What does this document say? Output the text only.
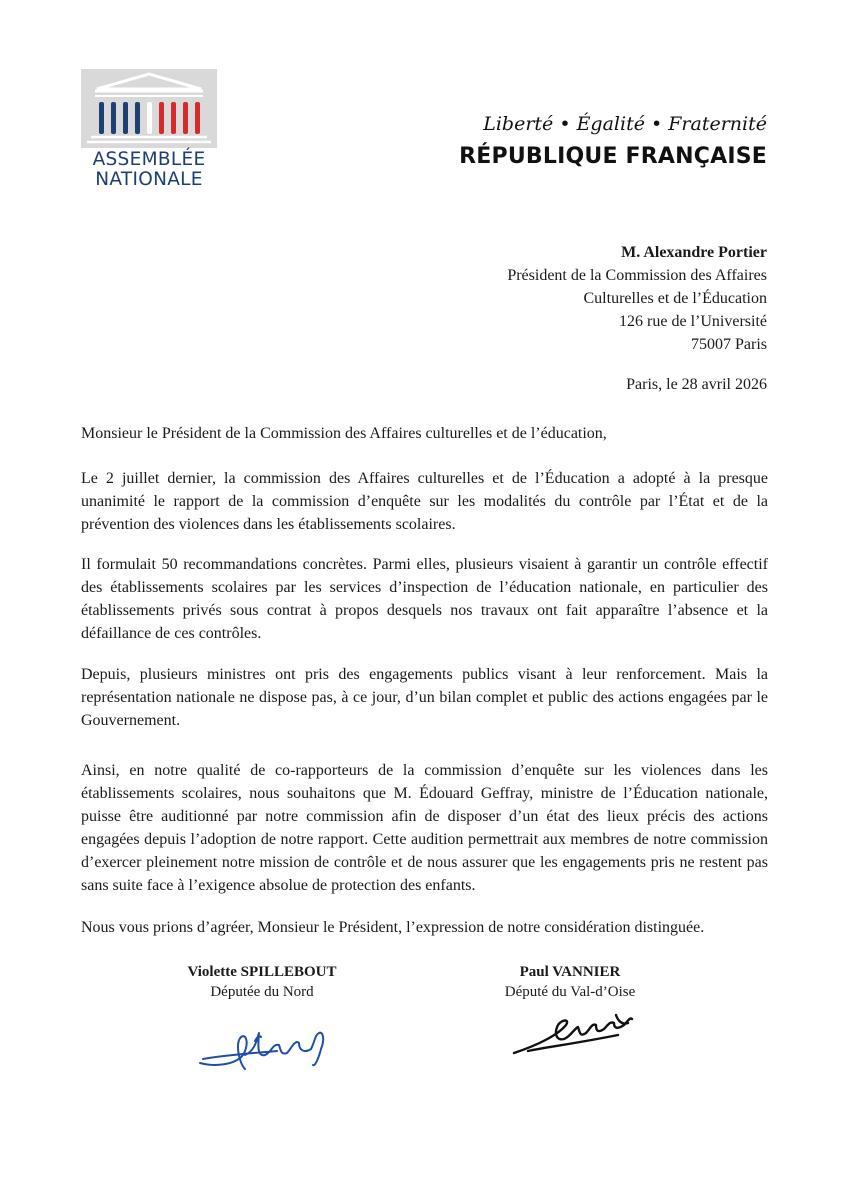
ASSEMBLÉE
NATIONALE
Liberté • Égalité • Fraternité
RÉPUBLIQUE FRANÇAISE
M. Alexandre Portier
Président de la Commission des Affaires
Culturelles et de l’Éducation
126 rue de l’Université
75007 Paris
Paris, le 28 avril 2026

Monsieur le Président de la Commission des Affaires culturelles et de l’éducation,

Le 2 juillet dernier, la commission des Affaires culturelles et de l’Éducation a adopté à la presque unanimité le rapport de la commission d’enquête sur les modalités du contrôle par l’État et de la prévention des violences dans les établissements scolaires.

Il formulait 50 recommandations concrètes. Parmi elles, plusieurs visaient à garantir un contrôle effectif des établissements scolaires par les services d’inspection de l’éducation nationale, en particulier des établissements privés sous contrat à propos desquels nos travaux ont fait apparaître l’absence et la défaillance de ces contrôles.

Depuis, plusieurs ministres ont pris des engagements publics visant à leur renforcement. Mais la représentation nationale ne dispose pas, à ce jour, d’un bilan complet et public des actions engagées par le Gouvernement.

Ainsi, en notre qualité de co-rapporteurs de la commission d’enquête sur les violences dans les établissements scolaires, nous souhaitons que M. Édouard Geffray, ministre de l’Éducation nationale, puisse être auditionné par notre commission afin de disposer d’un état des lieux précis des actions engagées depuis l’adoption de notre rapport. Cette audition permettrait aux membres de notre commission d’exercer pleinement notre mission de contrôle et de nous assurer que les engagements pris ne restent pas sans suite face à l’exigence absolue de protection des enfants.

Nous vous prions d’agréer, Monsieur le Président, l’expression de notre considération distinguée.

Violette SPILLEBOUT
Députée du Nord
Paul VANNIER
Député du Val-d’Oise
